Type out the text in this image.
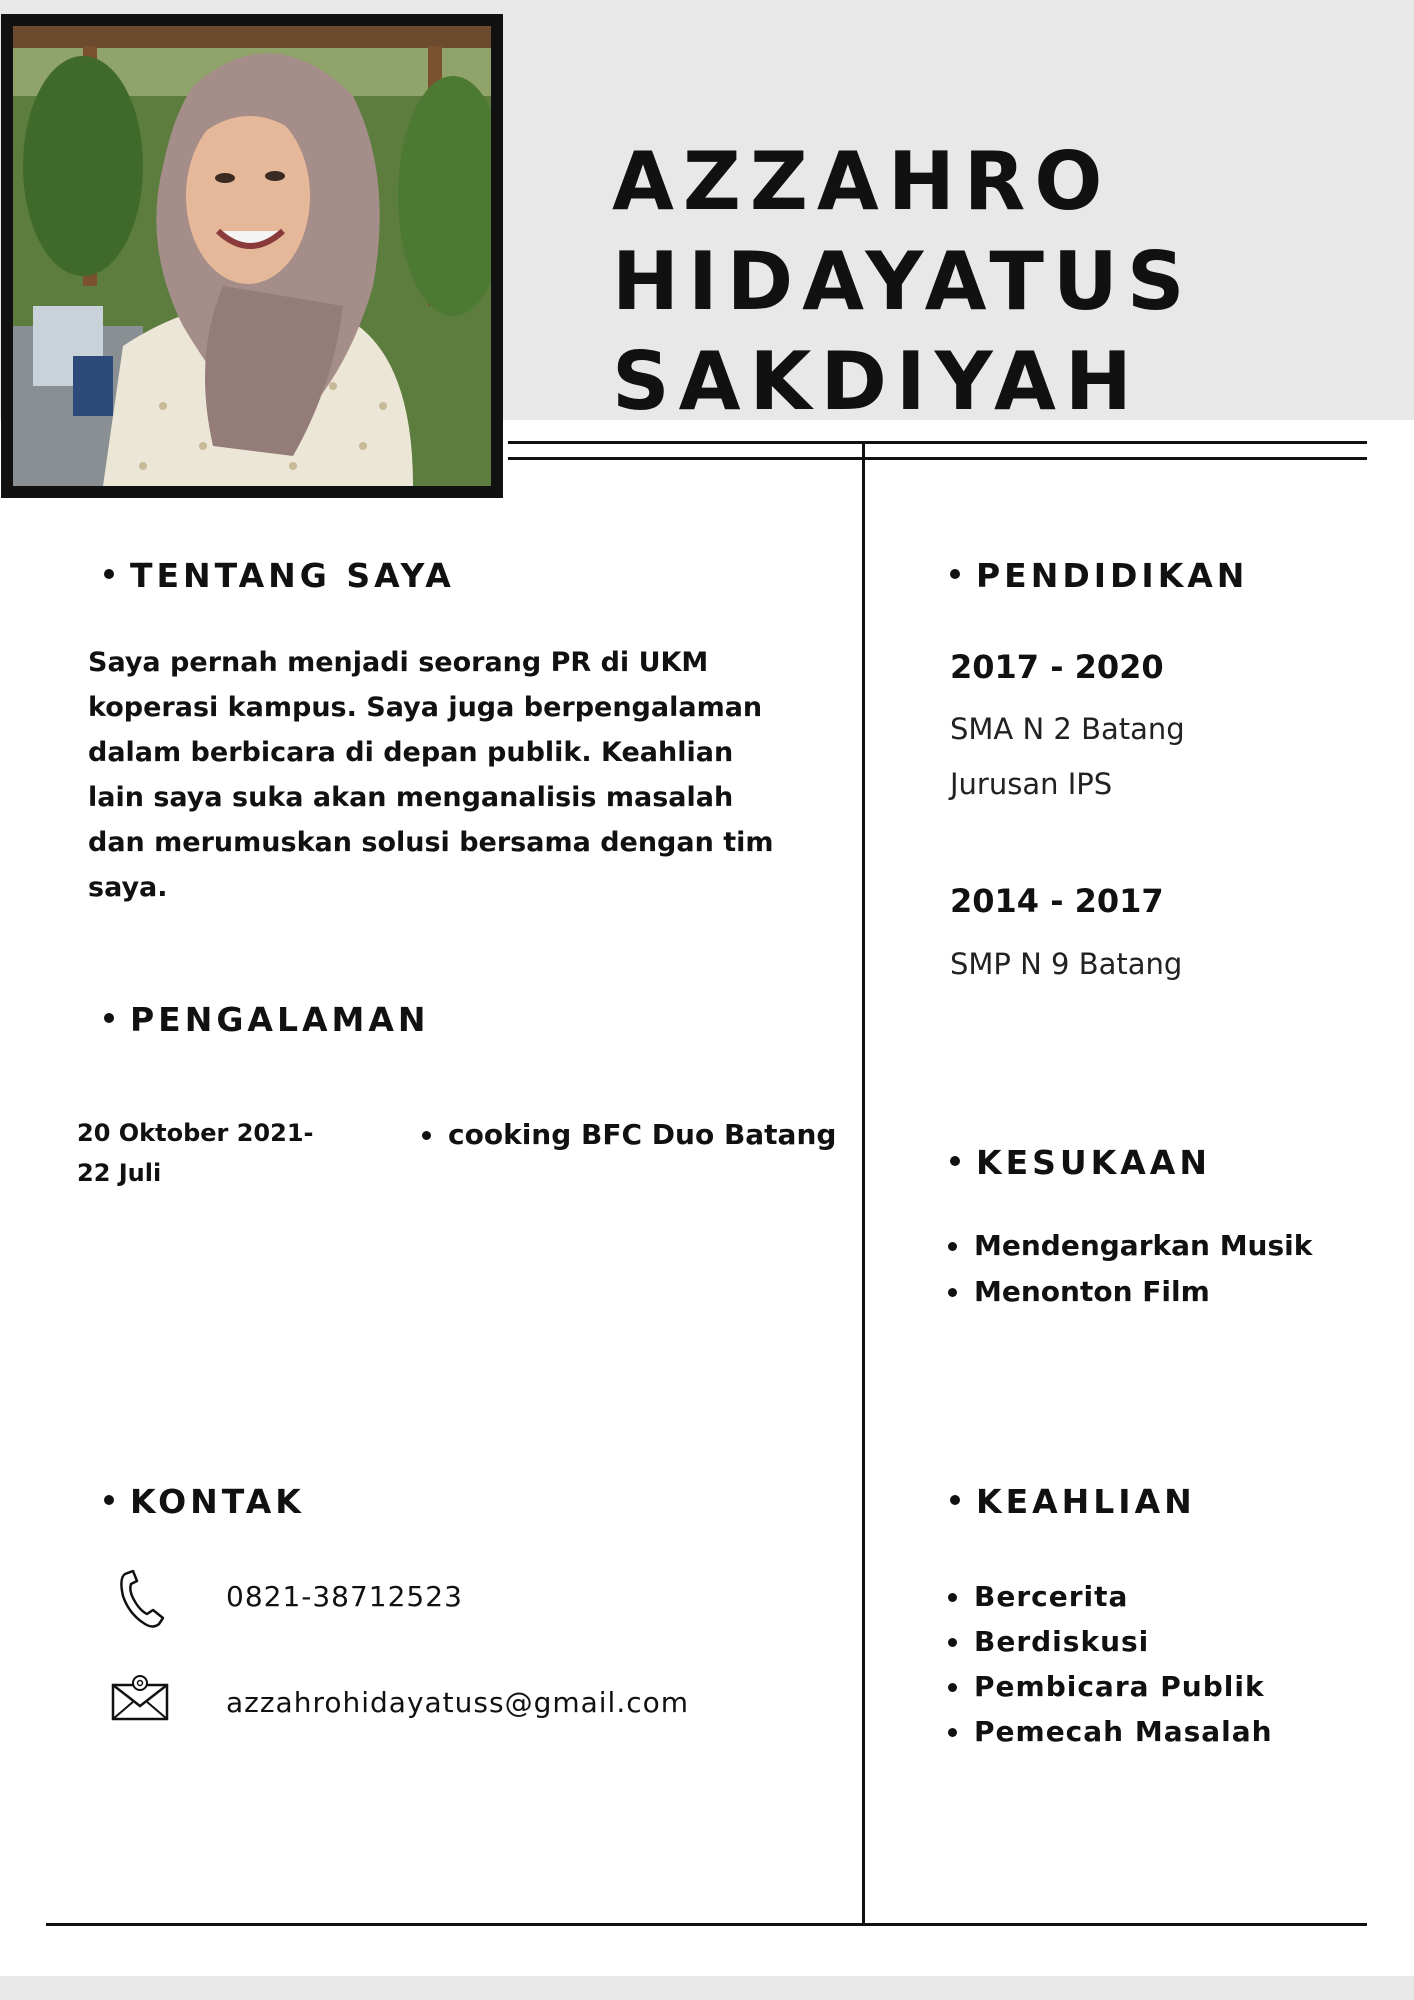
AZZAHRO
HIDAYATUS
SAKDIYAH
TENTANG SAYA

Saya pernah menjadi seorang PR di UKM koperasi kampus. Saya juga berpengalaman dalam berbicara di depan publik. Keahlian lain saya suka akan menganalisis masalah dan merumuskan solusi bersama dengan tim saya.

PENGALAMAN
20 Oktober 2021-
22 Juli
cooking BFC Duo Batang
KONTAK
0821-38712523
azzahrohidayatuss@gmail.com
PENDIDIKAN

2017 - 2020

SMA N 2 Batang

Jurusan IPS

2014 - 2017

SMP N 9 Batang

KESUKAAN
Mendengarkan Musik
Menonton Film
KEAHLIAN
Bercerita
Berdiskusi
Pembicara Publik
Pemecah Masalah
